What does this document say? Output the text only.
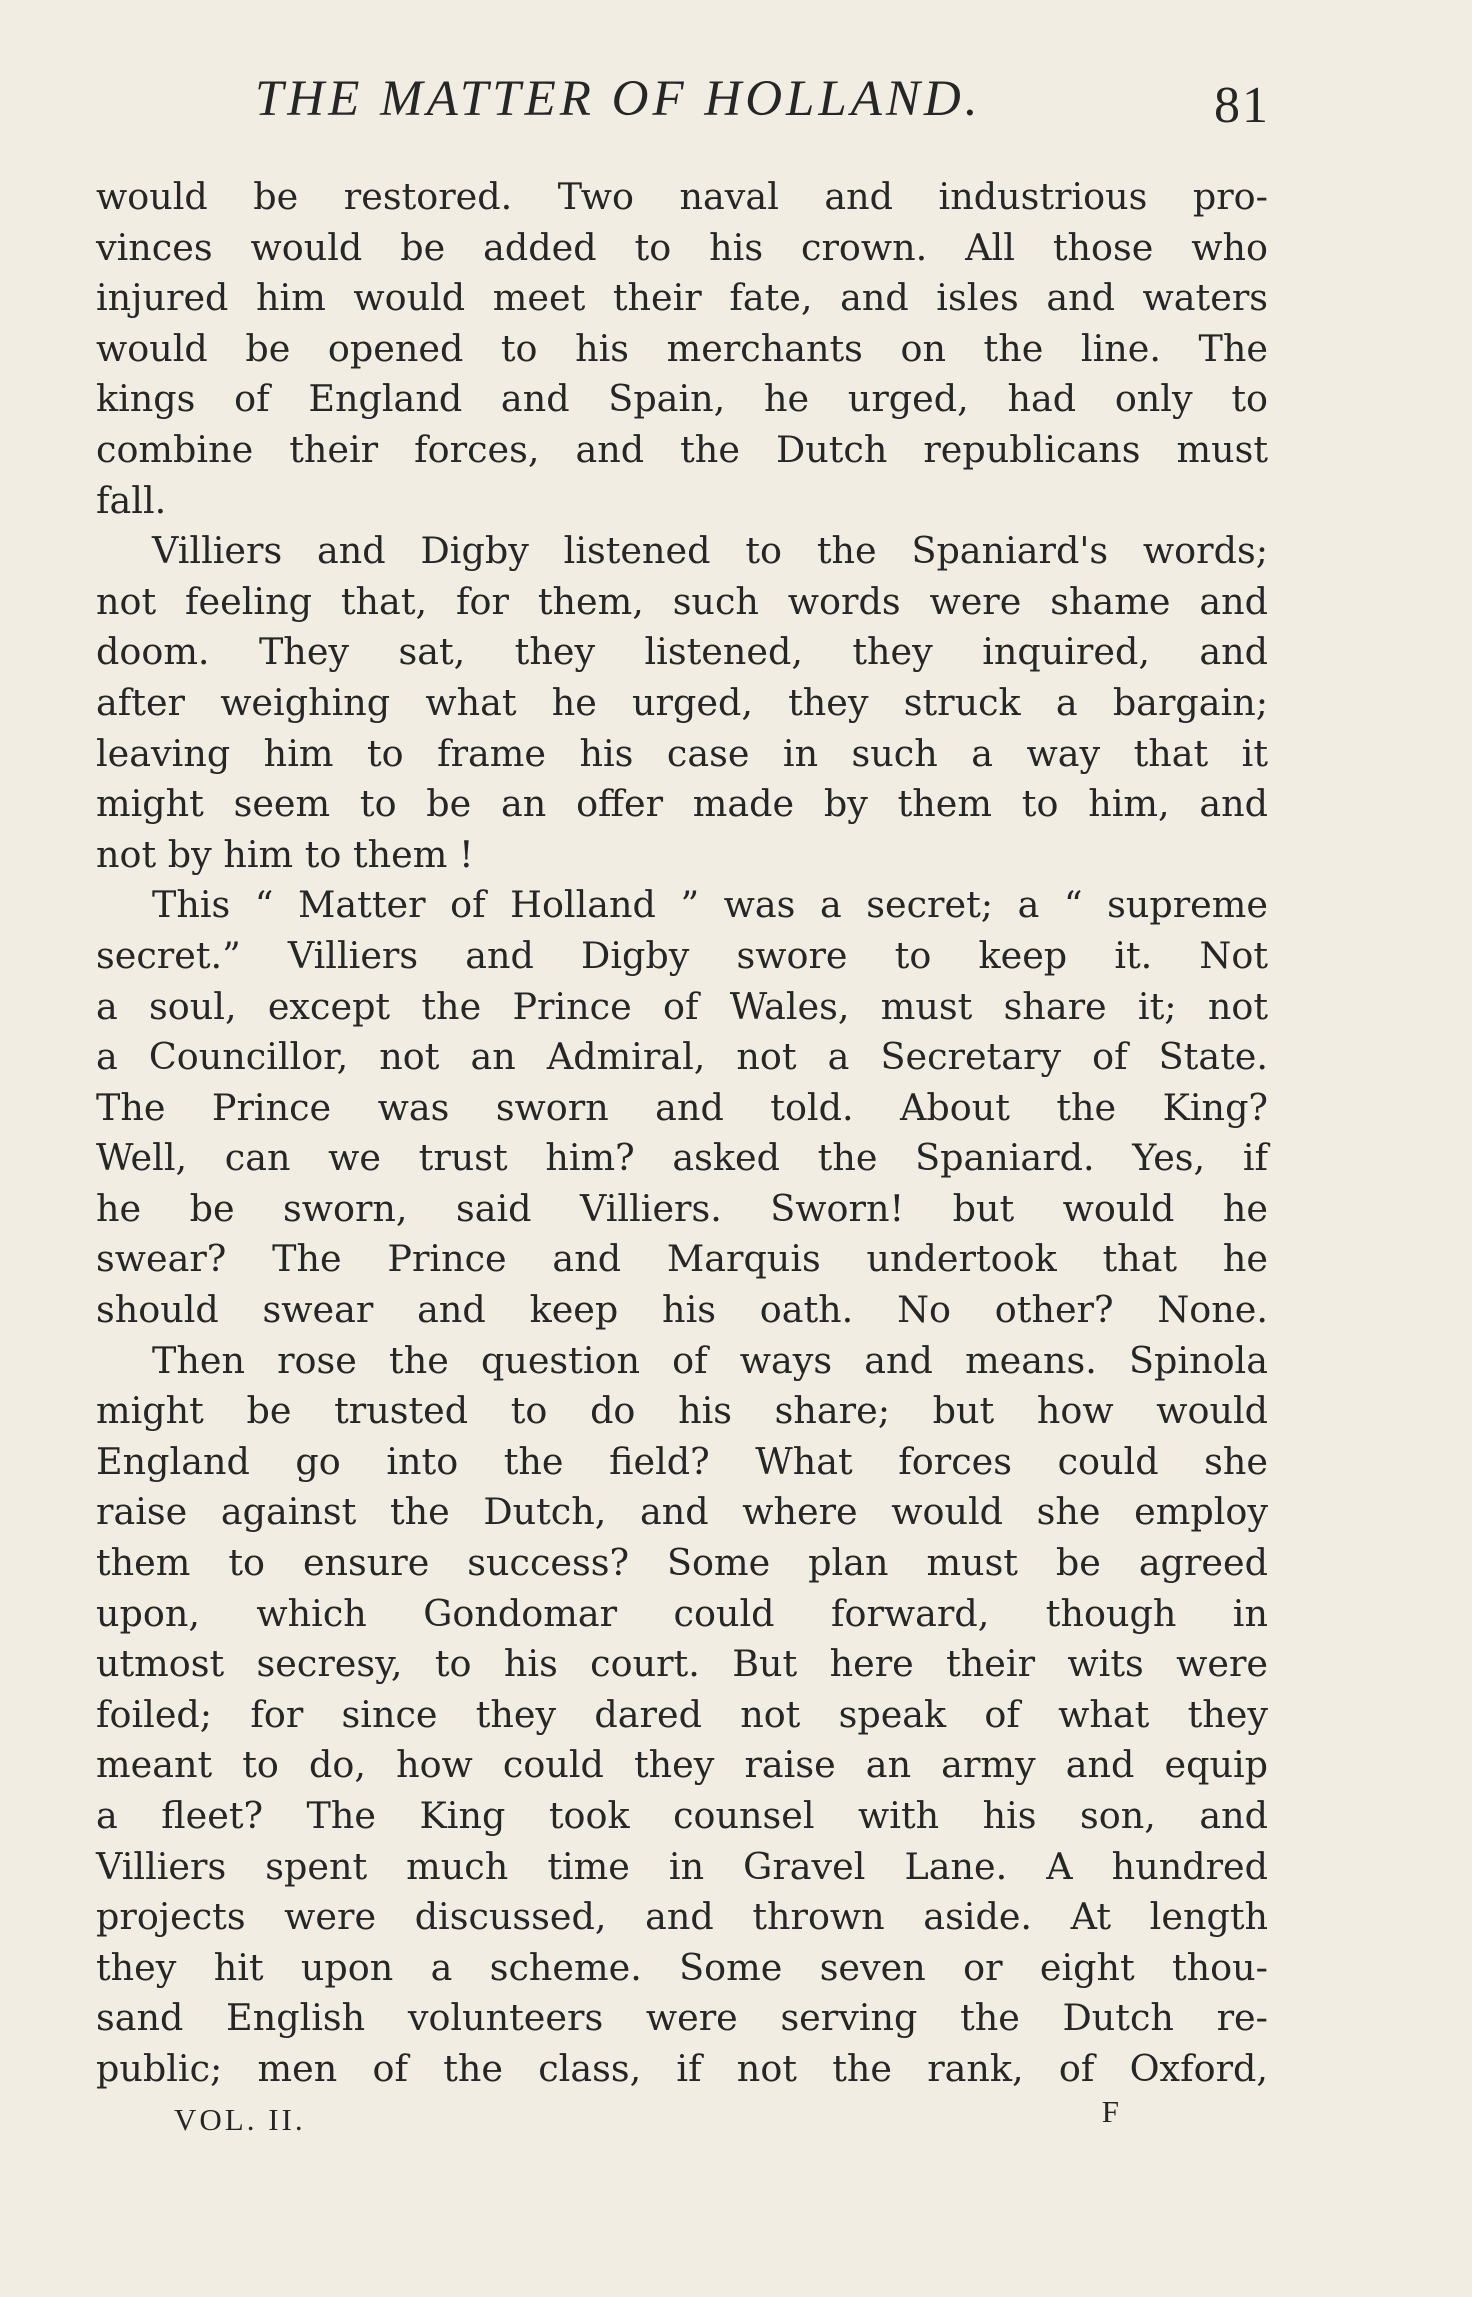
THE MATTER OF HOLLAND.	81
would be restored. Two naval and industrious pro-
vinces would be added to his crown. All those who
injured him would meet their fate, and isles and waters
would be opened to his merchants on the line. The
kings of England and Spain, he urged, had only to
combine their forces, and the Dutch republicans must
fall.
Villiers and Digby listened to the Spaniard's words;
not feeling that, for them, such words were shame and
doom. They sat, they listened, they inquired, and
after weighing what he urged, they struck a bargain;
leaving him to frame his case in such a way that it
might seem to be an offer made by them to him, and
not by him to them !
This “ Matter of Holland ” was a secret; a “ supreme
secret.” Villiers and Digby swore to keep it. Not
a soul, except the Prince of Wales, must share it; not
a Councillor, not an Admiral, not a Secretary of State.
The Prince was sworn and told. About the King?
Well, can we trust him? asked the Spaniard. Yes, if
he be sworn, said Villiers. Sworn! but would he
swear? The Prince and Marquis undertook that he
should swear and keep his oath. No other? None.
Then rose the question of ways and means. Spinola
might be trusted to do his share; but how would
England go into the field? What forces could she
raise against the Dutch, and where would she employ
them to ensure success? Some plan must be agreed
upon, which Gondomar could forward, though in
utmost secresy, to his court. But here their wits were
foiled; for since they dared not speak of what they
meant to do, how could they raise an army and equip
a fleet? The King took counsel with his son, and
Villiers spent much time in Gravel Lane. A hundred
projects were discussed, and thrown aside. At length
they hit upon a scheme. Some seven or eight thou-
sand English volunteers were serving the Dutch re-
public; men of the class, if not the rank, of Oxford,
VOL. II.	F
